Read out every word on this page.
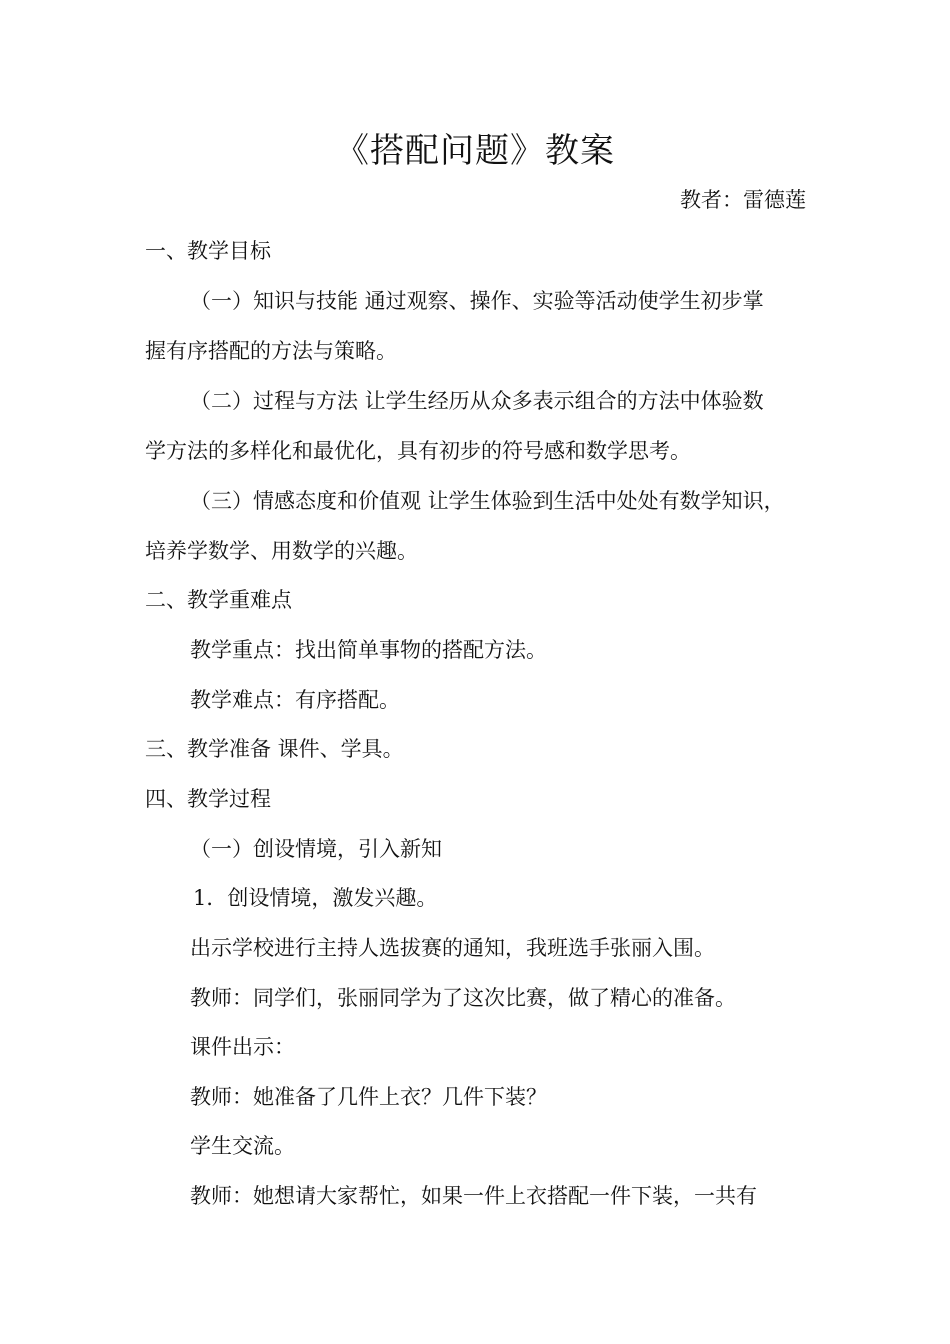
《搭配问题》教案

教者：雷德莲

一、教学目标

（一）知识与技能 通过观察、操作、实验等活动使学生初步掌

握有序搭配的方法与策略。

（二）过程与方法 让学生经历从众多表示组合的方法中体验数

学方法的多样化和最优化，具有初步的符号感和数学思考。

（三）情感态度和价值观 让学生体验到生活中处处有数学知识，

培养学数学、用数学的兴趣。

二、教学重难点

教学重点：找出简单事物的搭配方法。

教学难点：有序搭配。

三、教学准备 课件、学具。

四、教学过程

（一）创设情境，引入新知

1．创设情境，激发兴趣。

出示学校进行主持人选拔赛的通知，我班选手张丽入围。

教师：同学们，张丽同学为了这次比赛，做了精心的准备。

课件出示：

教师：她准备了几件上衣？几件下装？

学生交流。

教师：她想请大家帮忙，如果一件上衣搭配一件下装，一共有
